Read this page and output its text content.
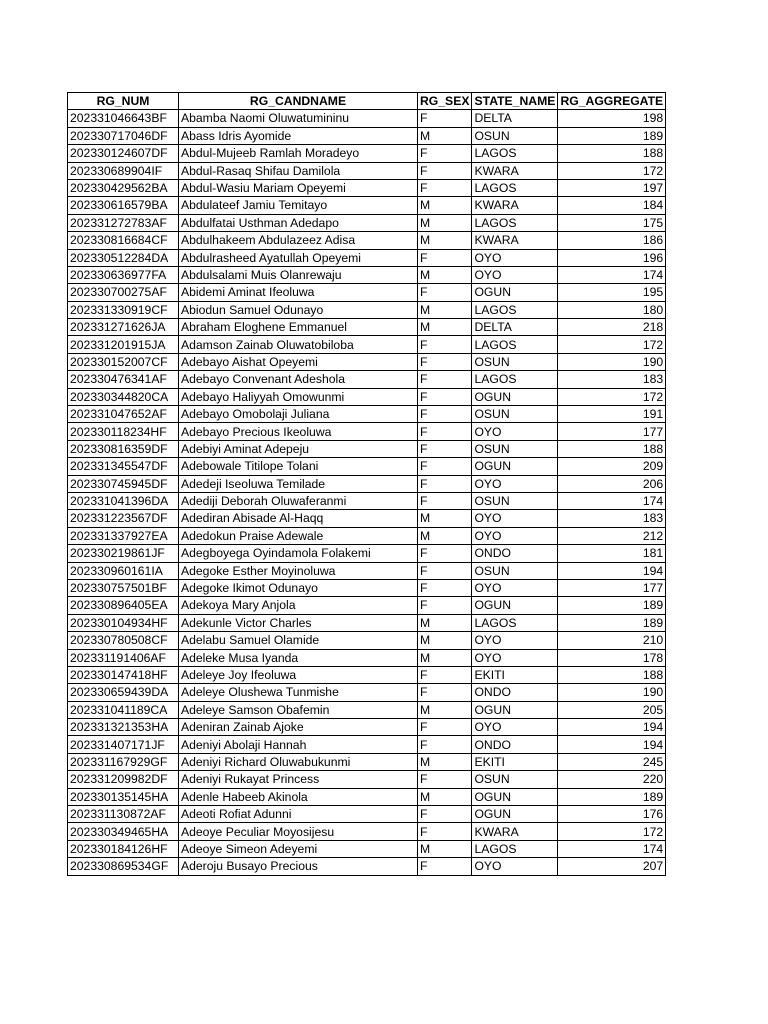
RG_NUM	RG_CANDNAME	RG_SEX	STATE_NAME	RG_AGGREGATE
202331046643BF	Abamba Naomi Oluwatumininu	F	DELTA	198
202330717046DF	Abass Idris Ayomide	M	OSUN	189
202330124607DF	Abdul-Mujeeb Ramlah Moradeyo	F	LAGOS	188
202330689904IF	Abdul-Rasaq Shifau Damilola	F	KWARA	172
202330429562BA	Abdul-Wasiu Mariam Opeyemi	F	LAGOS	197
202330616579BA	Abdulateef Jamiu Temitayo	M	KWARA	184
202331272783AF	Abdulfatai Usthman Adedapo	M	LAGOS	175
202330816684CF	Abdulhakeem Abdulazeez Adisa	M	KWARA	186
202330512284DA	Abdulrasheed Ayatullah Opeyemi	F	OYO	196
202330636977FA	Abdulsalami Muis Olanrewaju	M	OYO	174
202330700275AF	Abidemi Aminat Ifeoluwa	F	OGUN	195
202331330919CF	Abiodun Samuel Odunayo	M	LAGOS	180
202331271626JA	Abraham Eloghene Emmanuel	M	DELTA	218
202331201915JA	Adamson Zainab Oluwatobiloba	F	LAGOS	172
202330152007CF	Adebayo Aishat Opeyemi	F	OSUN	190
202330476341AF	Adebayo Convenant Adeshola	F	LAGOS	183
202330344820CA	Adebayo Haliyyah Omowunmi	F	OGUN	172
202331047652AF	Adebayo Omobolaji Juliana	F	OSUN	191
202330118234HF	Adebayo Precious Ikeoluwa	F	OYO	177
202330816359DF	Adebiyi Aminat Adepeju	F	OSUN	188
202331345547DF	Adebowale Titilope Tolani	F	OGUN	209
202330745945DF	Adedeji Iseoluwa Temilade	F	OYO	206
202331041396DA	Adediji Deborah Oluwaferanmi	F	OSUN	174
202331223567DF	Adediran Abisade Al-Haqq	M	OYO	183
202331337927EA	Adedokun Praise Adewale	M	OYO	212
202330219861JF	Adegboyega Oyindamola Folakemi	F	ONDO	181
202330960161IA	Adegoke Esther Moyinoluwa	F	OSUN	194
202330757501BF	Adegoke Ikimot Odunayo	F	OYO	177
202330896405EA	Adekoya Mary Anjola	F	OGUN	189
202330104934HF	Adekunle Victor Charles	M	LAGOS	189
202330780508CF	Adelabu Samuel Olamide	M	OYO	210
202331191406AF	Adeleke Musa Iyanda	M	OYO	178
202330147418HF	Adeleye Joy Ifeoluwa	F	EKITI	188
202330659439DA	Adeleye Olushewa Tunmishe	F	ONDO	190
202331041189CA	Adeleye Samson Obafemin	M	OGUN	205
202331321353HA	Adeniran Zainab Ajoke	F	OYO	194
202331407171JF	Adeniyi Abolaji Hannah	F	ONDO	194
202331167929GF	Adeniyi Richard Oluwabukunmi	M	EKITI	245
202331209982DF	Adeniyi Rukayat Princess	F	OSUN	220
202330135145HA	Adenle Habeeb Akinola	M	OGUN	189
202331130872AF	Adeoti Rofiat Adunni	F	OGUN	176
202330349465HA	Adeoye Peculiar Moyosijesu	F	KWARA	172
202330184126HF	Adeoye Simeon Adeyemi	M	LAGOS	174
202330869534GF	Aderoju Busayo Precious	F	OYO	207
